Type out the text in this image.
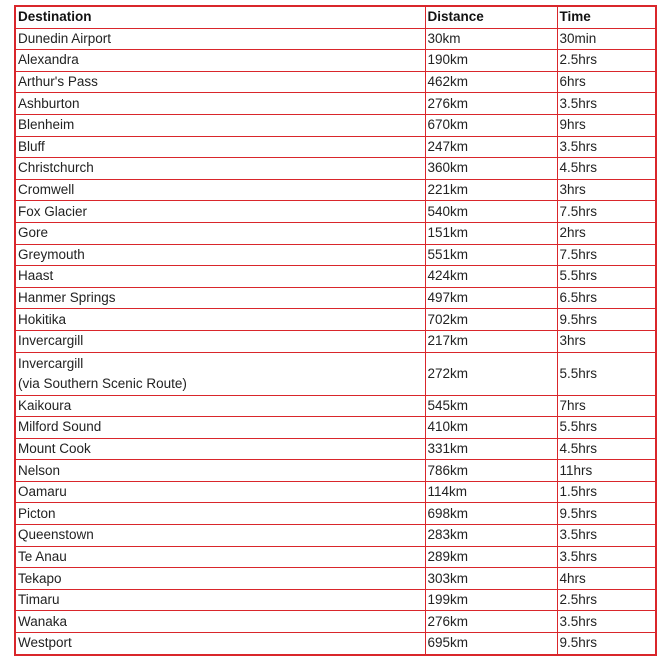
Destination	Distance	Time
Dunedin Airport	30km	30min
Alexandra	190km	2.5hrs
Arthur's Pass	462km	6hrs
Ashburton	276km	3.5hrs
Blenheim	670km	9hrs
Bluff	247km	3.5hrs
Christchurch	360km	4.5hrs
Cromwell	221km	3hrs
Fox Glacier	540km	7.5hrs
Gore	151km	2hrs
Greymouth	551km	7.5hrs
Haast	424km	5.5hrs
Hanmer Springs	497km	6.5hrs
Hokitika	702km	9.5hrs
Invercargill	217km	3hrs

Invercargill
(via Southern Scenic Route)	272km	5.5hrs
Kaikoura	545km	7hrs
Milford Sound	410km	5.5hrs
Mount Cook	331km	4.5hrs
Nelson	786km	11hrs
Oamaru	114km	1.5hrs
Picton	698km	9.5hrs
Queenstown	283km	3.5hrs
Te Anau	289km	3.5hrs
Tekapo	303km	4hrs
Timaru	199km	2.5hrs
Wanaka	276km	3.5hrs
Westport	695km	9.5hrs
